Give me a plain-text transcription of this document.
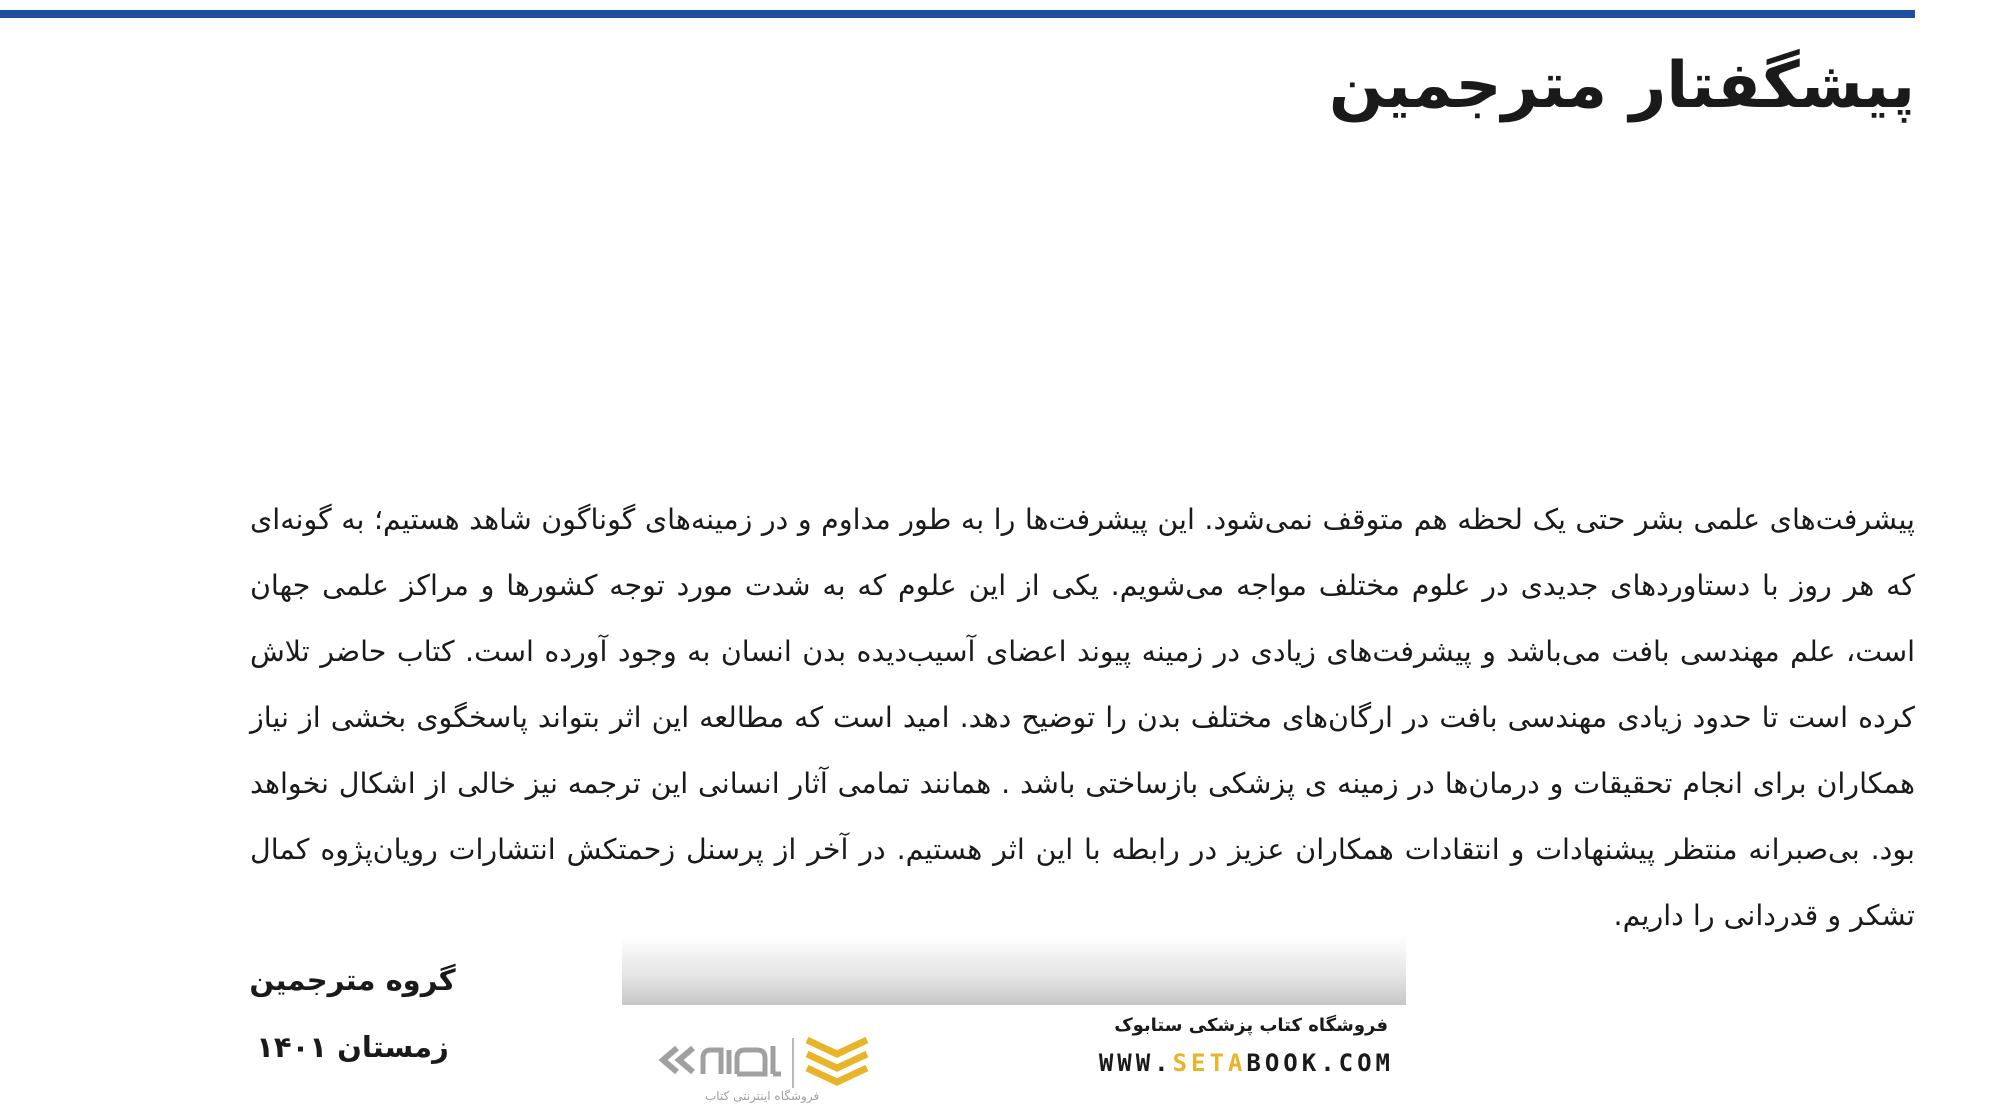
پیشگفتار مترجمین

پیشرفت‌های علمی بشر حتی یک لحظه هم متوقف نمی‌شود. این پیشرفت‌ها را به طور مداوم و در زمینه‌های گوناگون شاهد هستیم؛ به گونه‌ای که هر روز با دستاوردهای جدیدی در علوم مختلف مواجه می‌شویم. یکی از این علوم که به شدت مورد توجه کشورها و مراکز علمی جهان است، علم مهندسی بافت می‌باشد و پیشرفت‌های زیادی در زمینه پیوند اعضای آسیب‌دیده بدن انسان به وجود آورده است. کتاب حاضر تلاش کرده است تا حدود زیادی مهندسی بافت در ارگان‌های مختلف بدن را توضیح دهد. امید است که مطالعه این اثر بتواند پاسخگوی بخشی از نیاز همکاران برای انجام تحقیقات و درمان‌ها در زمینه ی پزشکی بازساختی باشد . همانند تمامی آثار انسانی این ترجمه نیز خالی از اشکال نخواهد بود. بی‌صبرانه منتظر پیشنهادات و انتقادات همکاران عزیز در رابطه با این اثر هستیم. در آخر از پرسنل زحمتکش انتشارات رویان‌پژوه کمال تشکر و قدردانی را داریم.

گروه مترجمین
زمستان ۱۴۰۱
فروشگاه اینترنتی کتاب
فروشگاه کتاب پزشکی ستابوک
WWW.SETABOOK.COM
